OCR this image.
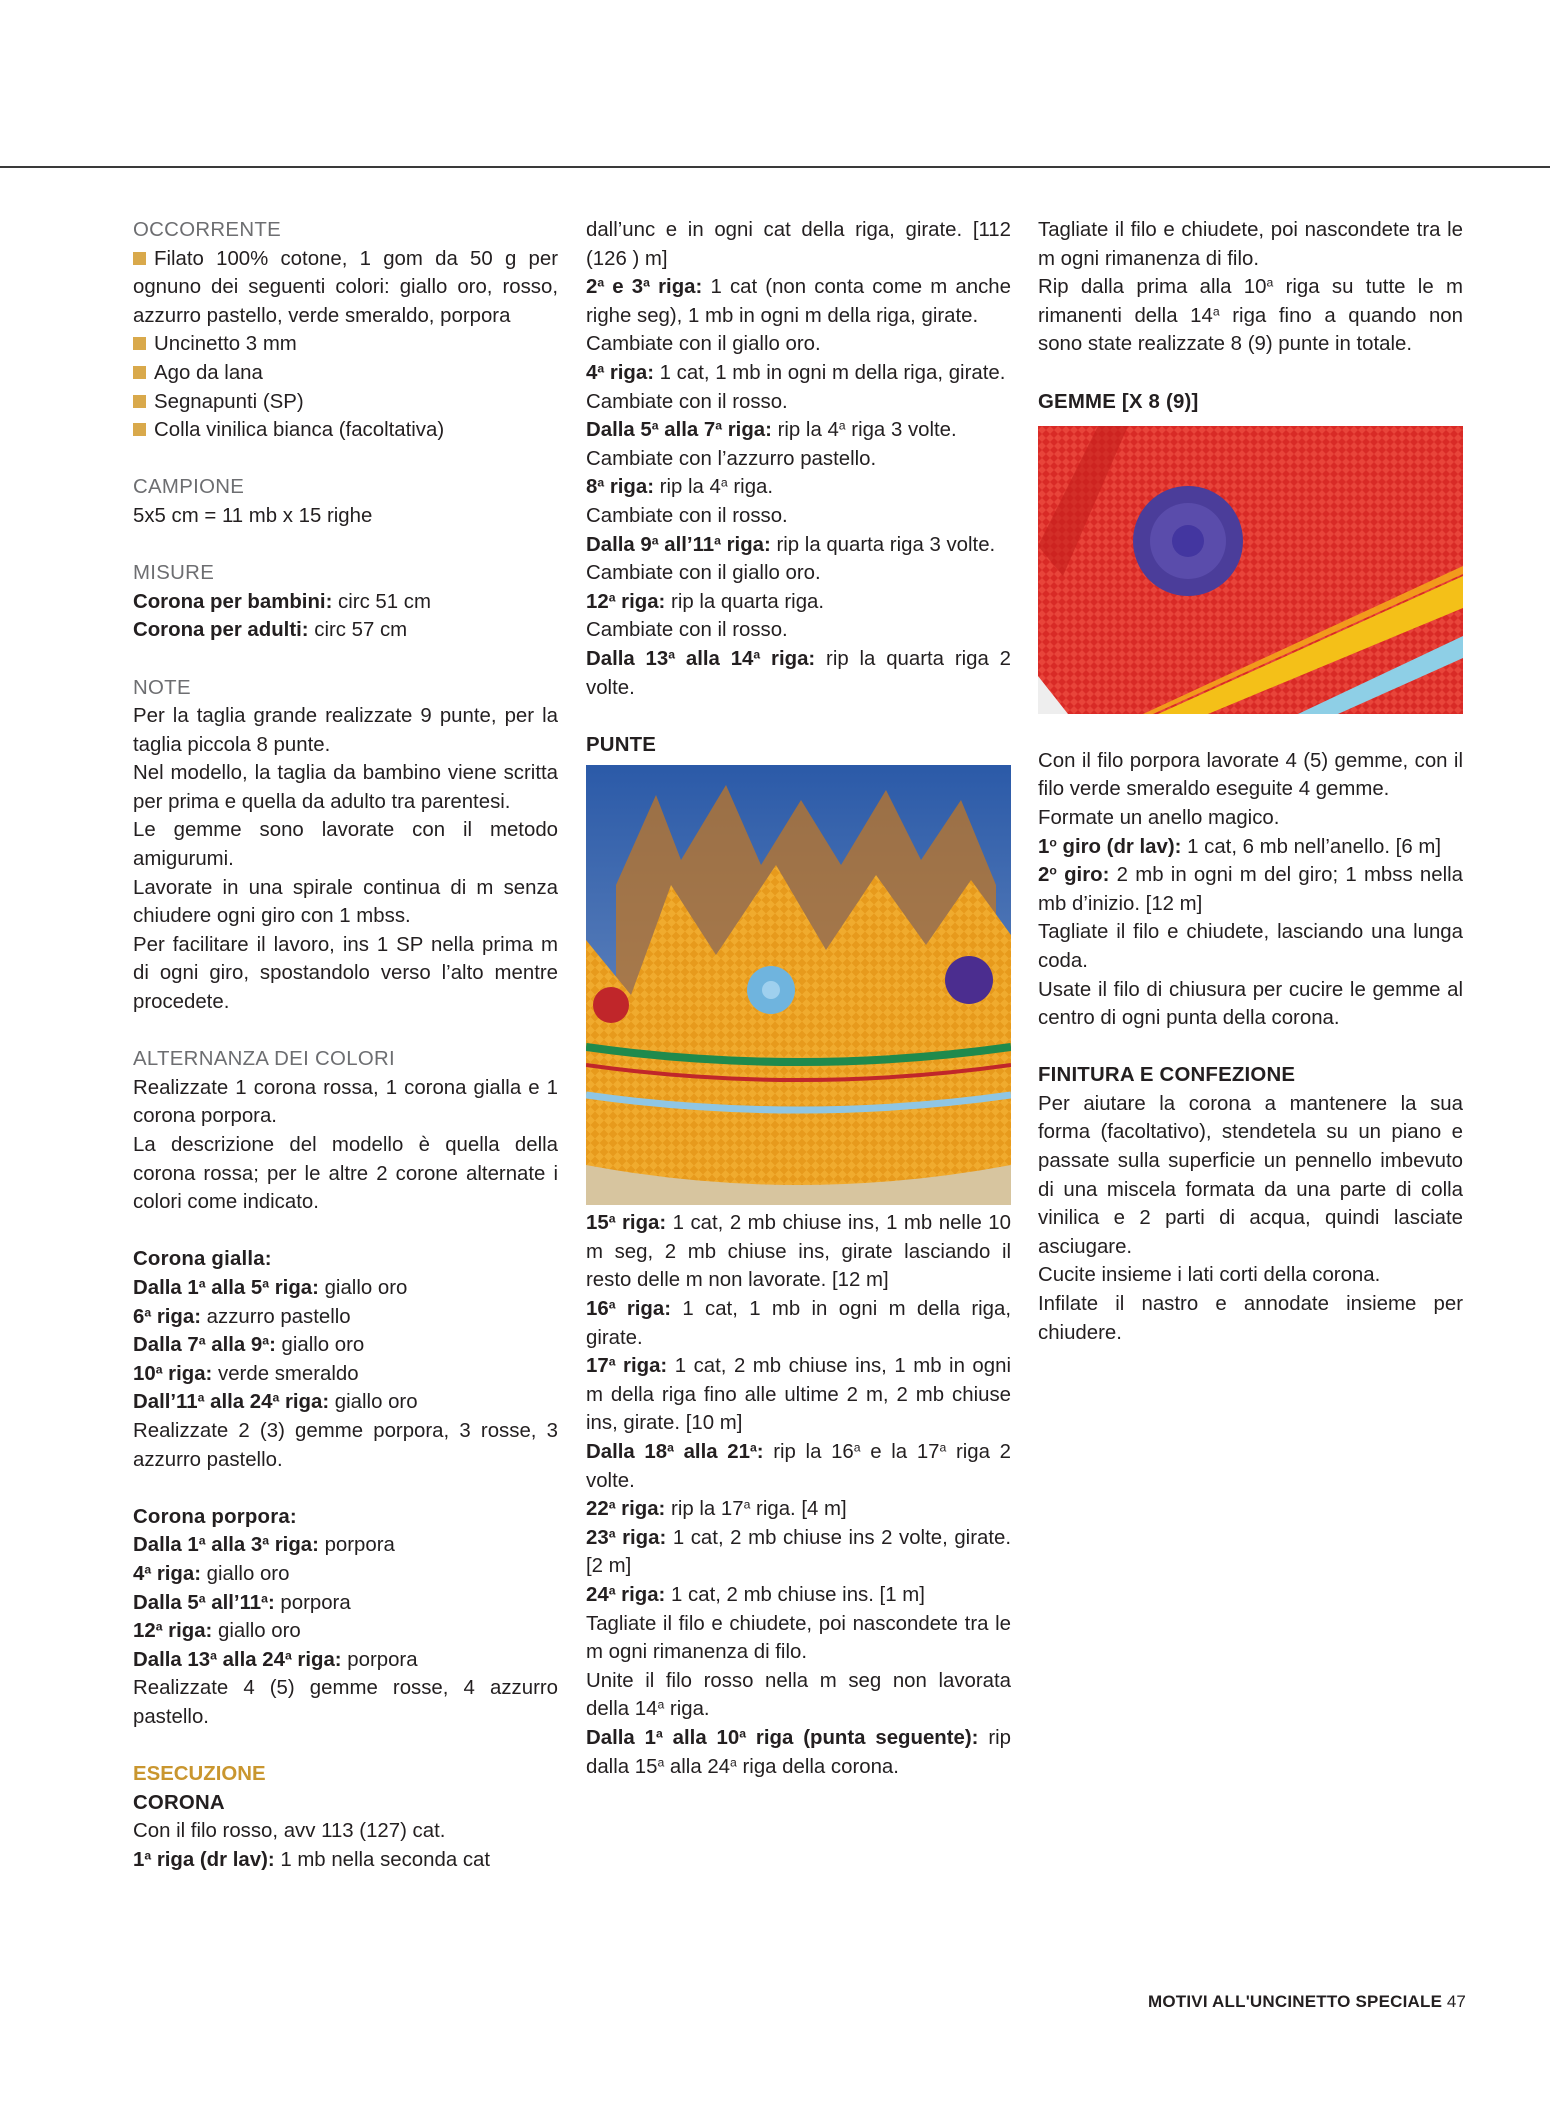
OCCORRENTE

Filato 100% cotone, 1 gom da 50 g per ognuno dei seguenti colori: giallo oro, rosso, azzurro pastello, verde smeraldo, porpora

Uncinetto 3 mm

Ago da lana

Segnapunti (SP)

Colla vinilica bianca (facoltativa)

CAMPIONE

5x5 cm = 11 mb x 15 righe

MISURE

Corona per bambini: circ 51 cm

Corona per adulti: circ 57 cm

NOTE

Per la taglia grande realizzate 9 punte, per la taglia piccola 8 punte.

Nel modello, la taglia da bambino viene scritta per prima e quella da adulto tra parentesi.

Le gemme sono lavorate con il metodo amigurumi.

Lavorate in una spirale continua di m senza chiudere ogni giro con 1 mbss.

Per facilitare il lavoro, ins 1 SP nella prima m di ogni giro, spostandolo verso l’alto mentre procedete.

ALTERNANZA DEI COLORI

Realizzate 1 corona rossa, 1 corona gialla e 1 corona porpora.

La descrizione del modello è quella della corona rossa; per le altre 2 corone alternate i colori come indicato.

Corona gialla:

Dalla 1$^a$ alla 5$^a$ riga: giallo oro

6$^a$ riga: azzurro pastello

Dalla 7$^a$ alla 9$^a$: giallo oro

10$^a$ riga: verde smeraldo

Dall’11$^a$ alla 24$^a$ riga: giallo oro

Realizzate 2 (3) gemme porpora, 3 rosse, 3 azzurro pastello.

Corona porpora:

Dalla 1$^a$ alla 3$^a$ riga: porpora

4$^a$ riga: giallo oro

Dalla 5$^a$ all’11$^a$: porpora

12$^a$ riga: giallo oro

Dalla 13$^a$ alla 24$^a$ riga: porpora

Realizzate 4 (5) gemme rosse, 4 azzurro pastello.

ESECUZIONE

CORONA

Con il filo rosso, avv 113 (127) cat.

1$^a$ riga (dr lav): 1 mb nella seconda cat

dall’unc e in ogni cat della riga, girate. [112 (126 ) m]

2$^a$ e 3$^a$ riga: 1 cat (non conta come m anche righe seg), 1 mb in ogni m della riga, girate.

Cambiate con il giallo oro.

4$^a$ riga: 1 cat, 1 mb in ogni m della riga, girate.

Cambiate con il rosso.

Dalla 5$^a$ alla 7$^a$ riga: rip la 4$^a$ riga 3 volte.

Cambiate con l’azzurro pastello.

8$^a$ riga: rip la 4$^a$ riga.

Cambiate con il rosso.

Dalla 9$^a$ all’11$^a$ riga: rip la quarta riga 3 volte.

Cambiate con il giallo oro.

12$^a$ riga: rip la quarta riga.

Cambiate con il rosso.

Dalla 13$^a$ alla 14$^a$ riga: rip la quarta riga 2 volte.

PUNTE

15$^a$ riga: 1 cat, 2 mb chiuse ins, 1 mb nelle 10 m seg, 2 mb chiuse ins, girate lasciando il resto delle m non lavorate. [12 m]

16$^a$ riga: 1 cat, 1 mb in ogni m della riga, girate.

17$^a$ riga: 1 cat, 2 mb chiuse ins, 1 mb in ogni m della riga fino alle ultime 2 m, 2 mb chiuse ins, girate. [10 m]

Dalla 18$^a$ alla 21$^a$: rip la 16$^a$ e la 17$^a$ riga 2 volte.

22$^a$ riga: rip la 17$^a$ riga. [4 m]

23$^a$ riga: 1 cat, 2 mb chiuse ins 2 volte, girate. [2 m]

24$^a$ riga: 1 cat, 2 mb chiuse ins. [1 m]

Tagliate il filo e chiudete, poi nascondete tra le m ogni rimanenza di filo.

Unite il filo rosso nella m seg non lavorata della 14$^a$ riga.

Dalla 1$^a$ alla 10$^a$ riga (punta seguente): rip dalla 15$^a$ alla 24$^a$ riga della corona.

Tagliate il filo e chiudete, poi nascondete tra le m ogni rimanenza di filo.

Rip dalla prima alla 10$^a$ riga su tutte le m rimanenti della 14$^a$ riga fino a quando non sono state realizzate 8 (9) punte in totale.

GEMME [X 8 (9)]

Con il filo porpora lavorate 4 (5) gemme, con il filo verde smeraldo eseguite 4 gemme.

Formate un anello magico.

1$^o$ giro (dr lav): 1 cat, 6 mb nell’anello. [6 m]

2$^o$ giro: 2 mb in ogni m del giro; 1 mbss nella mb d’inizio. [12 m]

Tagliate il filo e chiudete, lasciando una lunga coda.

Usate il filo di chiusura per cucire le gemme al centro di ogni punta della corona.

FINITURA E CONFEZIONE

Per aiutare la corona a mantenere la sua forma (facoltativo), stendetela su un piano e passate sulla superficie un pennello imbevuto di una miscela formata da una parte di colla vinilica e 2 parti di acqua, quindi lasciate asciugare.

Cucite insieme i lati corti della corona.

Infilate il nastro e annodate insieme per chiudere.

MOTIVI ALL'UNCINETTO SPECIALE 47
